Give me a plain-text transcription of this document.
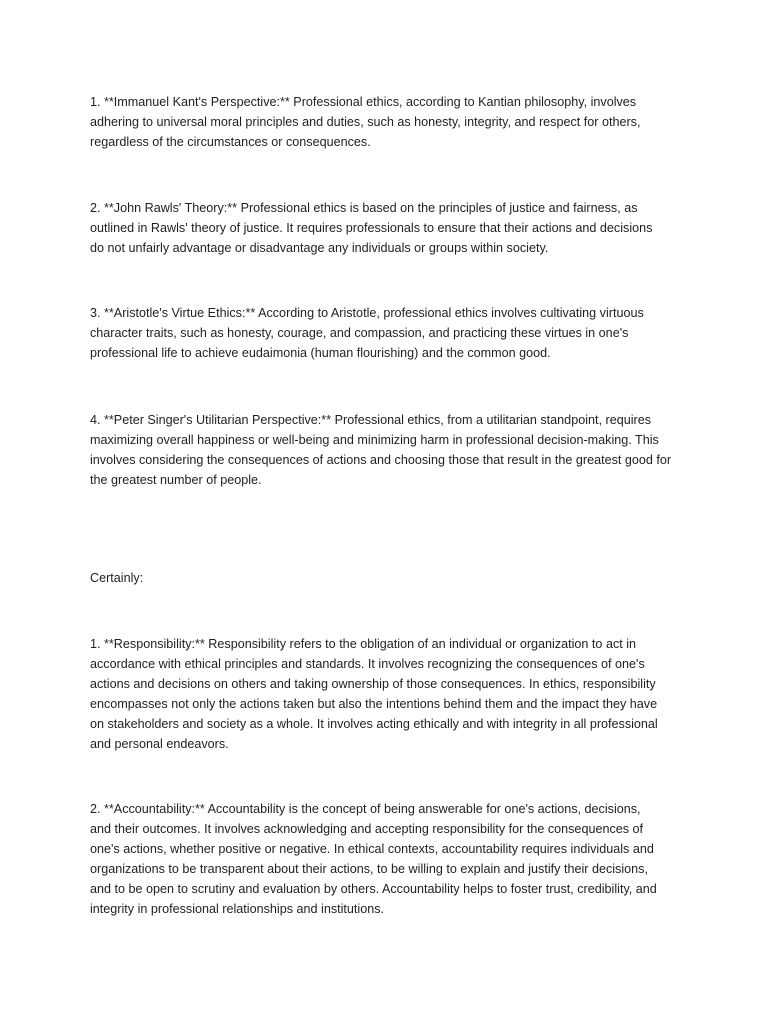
1. **Immanuel Kant's Perspective:** Professional ethics, according to Kantian philosophy, involves
adhering to universal moral principles and duties, such as honesty, integrity, and respect for others,
regardless of the circumstances or consequences.

2. **John Rawls' Theory:** Professional ethics is based on the principles of justice and fairness, as
outlined in Rawls' theory of justice. It requires professionals to ensure that their actions and decisions
do not unfairly advantage or disadvantage any individuals or groups within society.

3. **Aristotle's Virtue Ethics:** According to Aristotle, professional ethics involves cultivating virtuous
character traits, such as honesty, courage, and compassion, and practicing these virtues in one's
professional life to achieve eudaimonia (human flourishing) and the common good.

4. **Peter Singer's Utilitarian Perspective:** Professional ethics, from a utilitarian standpoint, requires
maximizing overall happiness or well-being and minimizing harm in professional decision-making. This
involves considering the consequences of actions and choosing those that result in the greatest good for
the greatest number of people.

Certainly:

1. **Responsibility:** Responsibility refers to the obligation of an individual or organization to act in
accordance with ethical principles and standards. It involves recognizing the consequences of one's
actions and decisions on others and taking ownership of those consequences. In ethics, responsibility
encompasses not only the actions taken but also the intentions behind them and the impact they have
on stakeholders and society as a whole. It involves acting ethically and with integrity in all professional
and personal endeavors.

2. **Accountability:** Accountability is the concept of being answerable for one's actions, decisions,
and their outcomes. It involves acknowledging and accepting responsibility for the consequences of
one's actions, whether positive or negative. In ethical contexts, accountability requires individuals and
organizations to be transparent about their actions, to be willing to explain and justify their decisions,
and to be open to scrutiny and evaluation by others. Accountability helps to foster trust, credibility, and
integrity in professional relationships and institutions.
